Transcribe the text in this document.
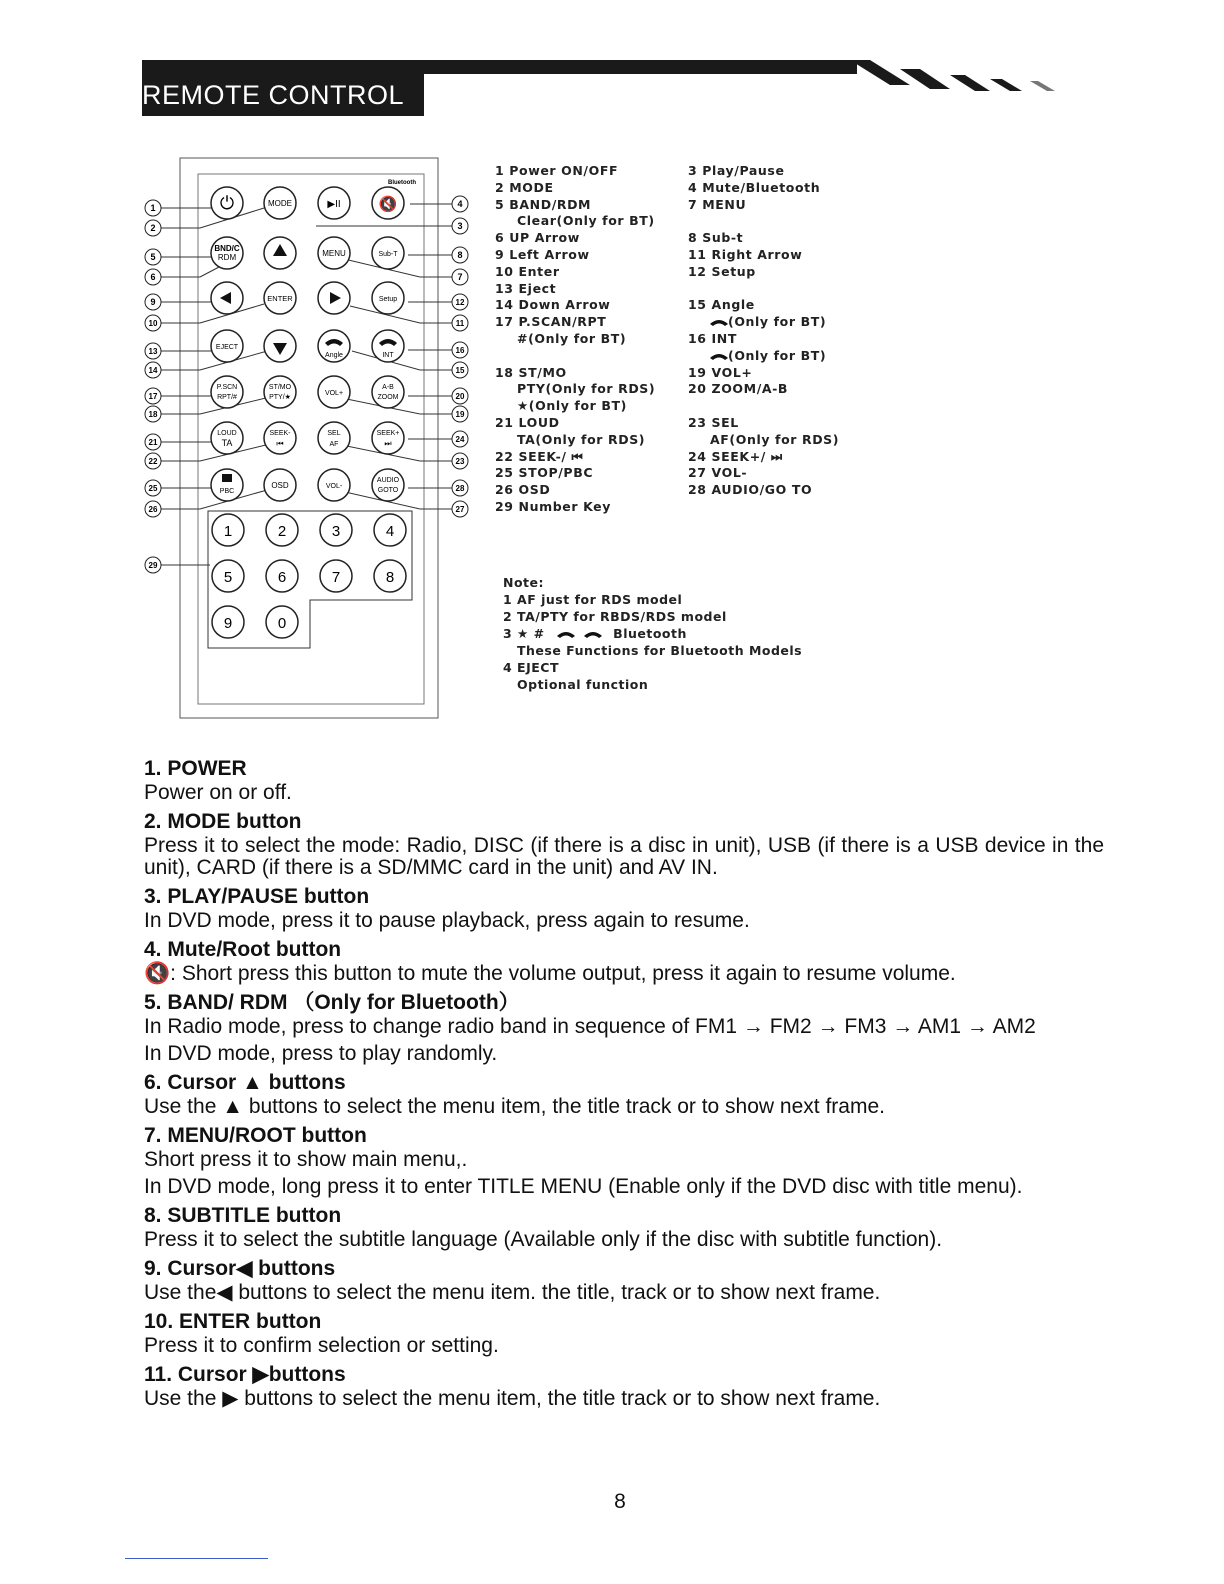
REMOTE CONTROL
Bluetooth
⏻	MODE	▶II	🔇
BND/C
RDM	MENU	Sub-T
ENTER	Setup
EJECT
Angle	INT
P.SCN
RPT/#
ST/MO
PTY/★
VOL+
A-B
ZOOM
LOUD
TA
SEEK-
⏮
SEL
AF
SEEK+
⏭
PBC
OSD	VOL-
AUDIO
GOTO
1	2	3	4
5	6	7	8
9	0
1
2
5
6
9
10
13
14
17
18
21
22
25
26
29
4
3
8
7
12
11
16
15
20
19
24
23
28
27
1 Power ON/OFF
2 MODE
5 BAND/RDM
Clear(Only for BT)
6 UP Arrow
9 Left Arrow
10 Enter
13 Eject
14 Down Arrow
17 P.SCAN/RPT
#(Only for BT)
18 ST/MO
PTY(Only for RDS)
★(Only for BT)
21 LOUD
TA(Only for RDS)
22 SEEK-/ ⏮
25 STOP/PBC
26 OSD
29 Number Key
3 Play/Pause
4 Mute/Bluetooth
7 MENU
8 Sub-t
11 Right Arrow
12 Setup
15 Angle
(Only for BT)
16 INT
(Only for BT)
19 VOL+
20 ZOOM/A-B
23 SEL
AF(Only for RDS)
24 SEEK+/ ⏭
27 VOL-
28 AUDIO/GO TO
Note:
1 AF just for RDS model
2 TA/PTY for RBDS/RDS model
3 ★ #	Bluetooth
These Functions for Bluetooth Models
4 EJECT
Optional function
1. POWER
Power on or off.
2. MODE button
Press it to select the mode: Radio, DISC (if there is a disc in unit), USB (if there is a USB device in the unit), CARD (if there is a SD/MMC card in the unit) and AV IN.
3. PLAY/PAUSE button
In DVD mode, press it to pause playback, press again to resume.
4. Mute/Root button
🔇: Short press this button to mute the volume output, press it again to resume volume.
5. BAND/ RDM （Only for Bluetooth）
In Radio mode, press to change radio band in sequence of FM1 → FM2 → FM3 → AM1 → AM2
In DVD mode, press to play randomly.
6. Cursor ▲ buttons
Use the ▲ buttons to select the menu item, the title track or to show next frame.
7. MENU/ROOT button
Short press it to show main menu,.
In DVD mode, long press it to enter TITLE MENU (Enable only if the DVD disc with title menu).
8. SUBTITLE button
Press it to select the subtitle language (Available only if the disc with subtitle function).
9. Cursor◀ buttons
Use the◀ buttons to select the menu item. the title, track or to show next frame.
10. ENTER button
Press it to confirm selection or setting.
11. Cursor ▶buttons
Use the ▶ buttons to select the menu item, the title track or to show next frame.
8
